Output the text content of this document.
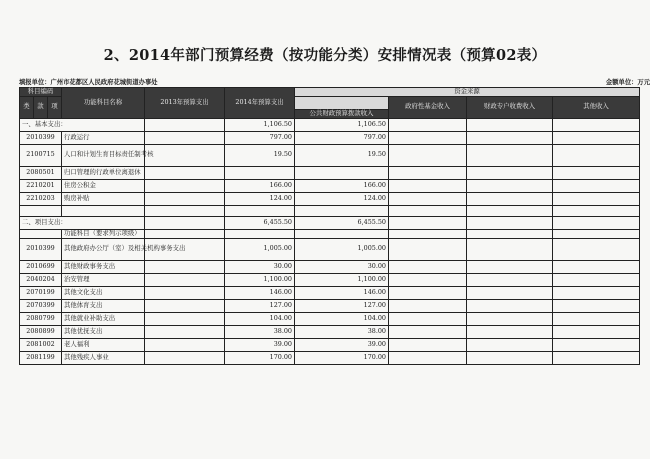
2、2014年部门预算经费（按功能分类）安排情况表（预算02表）
填报单位：广州市花都区人民政府花城街道办事处	金额单位：万元
科目编码			功能科目名称	2013年预算支出	2014年预算支出	资金来源			
类	款	项					政府性基金收入	财政专户收费收入	其他收入
						公共财政预算拨款收入			
一、基本支出：					1,106.50	1,106.50			
2010399			行政运行		797.00	797.00			
2100715			人口和计划生育目标责任制考核		19.50	19.50			
2080501			归口管理的行政单位离退休						
2210201			住房公积金		166.00	166.00			
2210203			购房补贴		124.00	124.00			

二、项目支出：					6,455.50	6,455.50			
			功能科目（要求列示项级）						
2010399			其他政府办公厅（室）及相关机构事务支出		1,005.00	1,005.00			
2010699			其他财政事务支出		30.00	30.00			
2040204			治安管理		1,100.00	1,100.00			
2070199			其他文化支出		146.00	146.00			
2070399			其他体育支出		127.00	127.00			
2080799			其他就业补助支出		104.00	104.00			
2080899			其他优抚支出		38.00	38.00			
2081002			老人福利		39.00	39.00			
2081199			其他残疾人事业		170.00	170.00			
